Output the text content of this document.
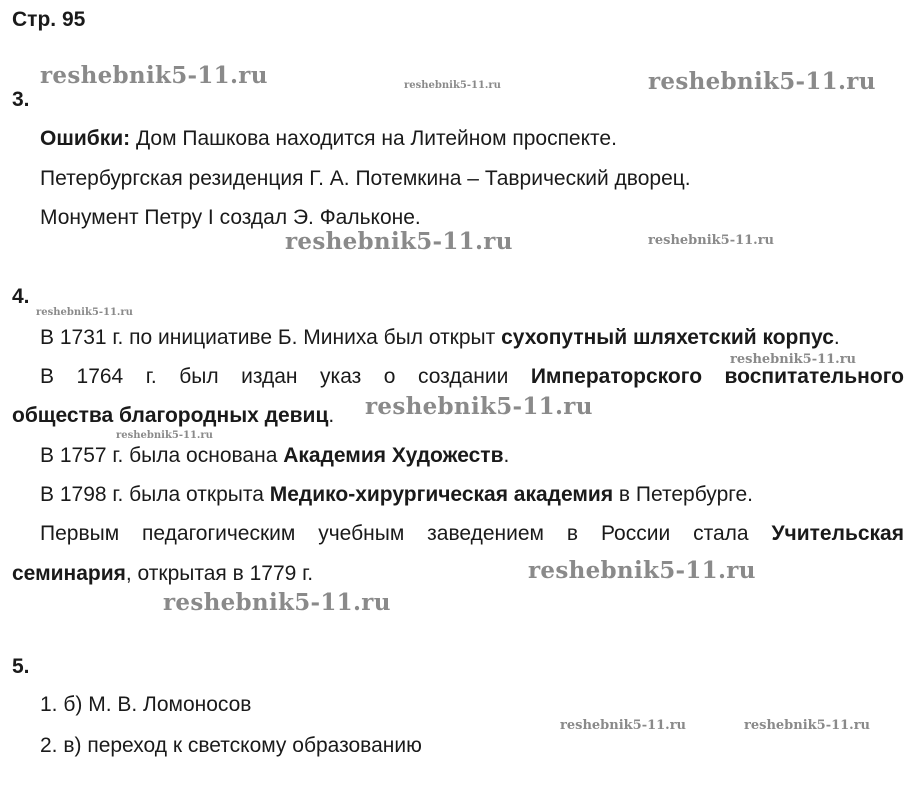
Стр. 95
reshebnik5-11.ru	reshebnik5-11.ru	reshebnik5-11.ru
reshebnik5-11.ru	reshebnik5-11.ru
reshebnik5-11.ru
reshebnik5-11.ru
reshebnik5-11.ru
reshebnik5-11.ru
reshebnik5-11.ru
reshebnik5-11.ru
reshebnik5-11.ru	reshebnik5-11.ru
3.
Ошибки: Дом Пашкова находится на Литейном проспекте.
Петербургская резиденция Г. А. Потемкина – Таврический дворец.
Монумент Петру I создал Э. Фальконе.
4.
В 1731 г. по инициативе Б. Миниха был открыт сухопутный шляхетский корпус.
В 1764 г. был издан указ о создании Императорского воспитательного
общества благородных девиц.
В 1757 г. была основана Академия Художеств.
В 1798 г. была открыта Медико-хирургическая академия в Петербурге.
Первым педагогическим учебным заведением в России стала Учительская
семинария, открытая в 1779 г.
5.
1. б) М. В. Ломоносов
2. в) переход к светскому образованию
